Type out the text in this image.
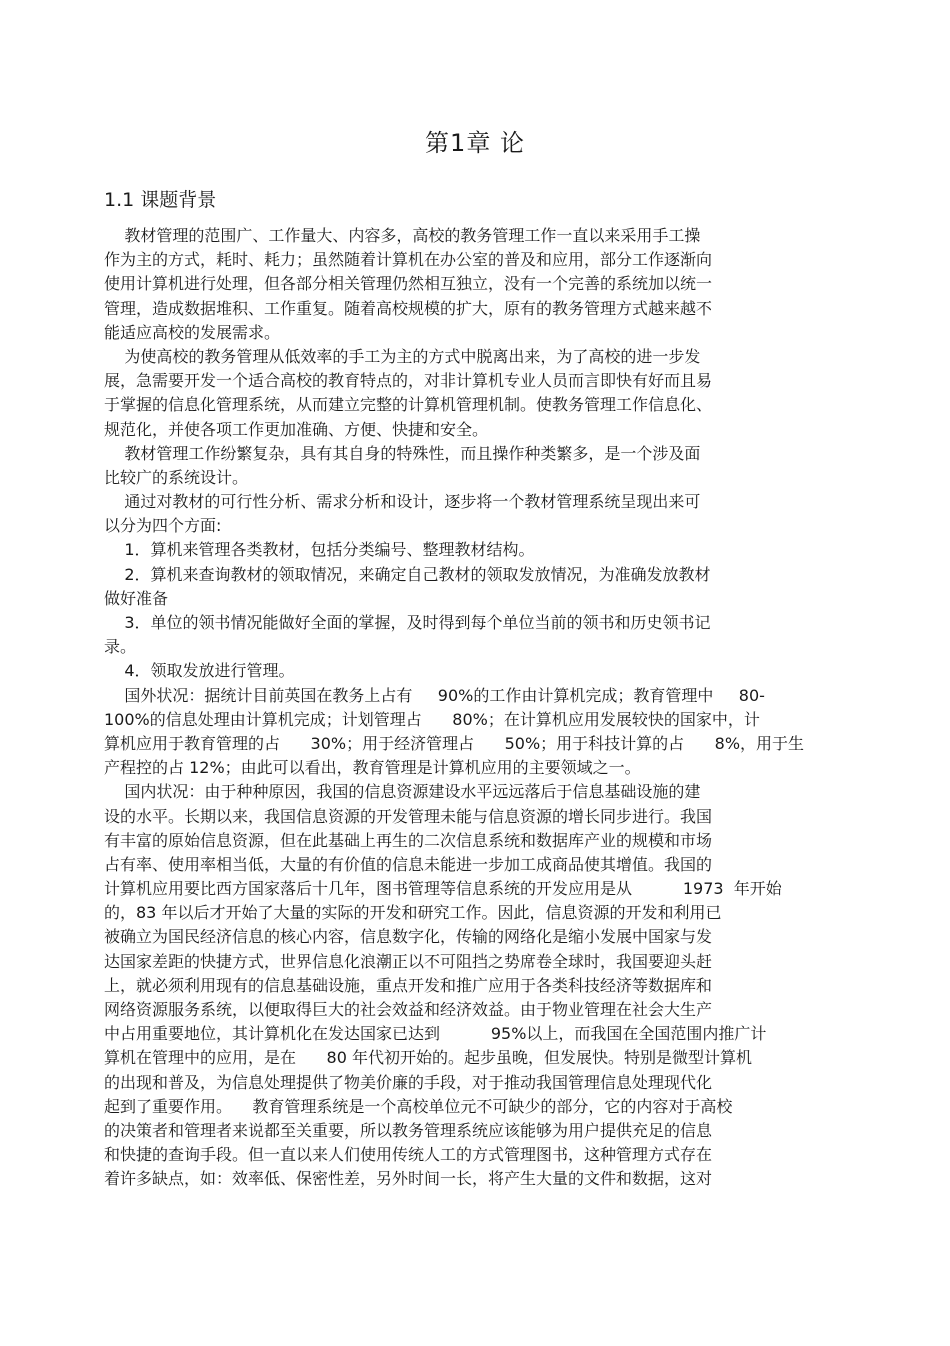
第1章 论
1.1 课题背景
教材管理的范围广、工作量大、内容多，高校的教务管理工作一直以来采用手工操
作为主的方式，耗时、耗力；虽然随着计算机在办公室的普及和应用，部分工作逐渐向
使用计算机进行处理，但各部分相关管理仍然相互独立，没有一个完善的系统加以统一
管理，造成数据堆积、工作重复。随着高校规模的扩大，原有的教务管理方式越来越不
能适应高校的发展需求。
为使高校的教务管理从低效率的手工为主的方式中脱离出来，为了高校的进一步发
展，急需要开发一个适合高校的教育特点的，对非计算机专业人员而言即快有好而且易
于掌握的信息化管理系统，从而建立完整的计算机管理机制。使教务管理工作信息化、
规范化，并使各项工作更加准确、方便、快捷和安全。
教材管理工作纷繁复杂，具有其自身的特殊性，而且操作种类繁多，是一个涉及面
比较广的系统设计。
通过对教材的可行性分析、需求分析和设计，逐步将一个教材管理系统呈现出来可
以分为四个方面:
1．算机来管理各类教材，包括分类编号、整理教材结构。
2．算机来查询教材的领取情况，来确定自己教材的领取发放情况，为准确发放教材
做好准备
3．单位的领书情况能做好全面的掌握，及时得到每个单位当前的领书和历史领书记
录。
4．领取发放进行管理。
国外状况：据统计目前英国在教务上占有     90%的工作由计算机完成；教育管理中     80-
100%的信息处理由计算机完成；计划管理占      80%；在计算机应用发展较快的国家中，计
算机应用于教育管理的占      30%；用于经济管理占      50%；用于科技计算的占      8%，用于生
产程控的占 12%；由此可以看出，教育管理是计算机应用的主要领域之一。
国内状况：由于种种原因，我国的信息资源建设水平远远落后于信息基础设施的建
设的水平。长期以来，我国信息资源的开发管理未能与信息资源的增长同步进行。我国
有丰富的原始信息资源，但在此基础上再生的二次信息系统和数据库产业的规模和市场
占有率、使用率相当低，大量的有价值的信息未能进一步加工成商品使其增值。我国的
计算机应用要比西方国家落后十几年，图书管理等信息系统的开发应用是从          1973  年开始
的，83 年以后才开始了大量的实际的开发和研究工作。因此，信息资源的开发和利用已
被确立为国民经济信息的核心内容，信息数字化，传输的网络化是缩小发展中国家与发
达国家差距的快捷方式，世界信息化浪潮正以不可阻挡之势席卷全球时，我国要迎头赶
上，就必须利用现有的信息基础设施，重点开发和推广应用于各类科技经济等数据库和
网络资源服务系统，以便取得巨大的社会效益和经济效益。由于物业管理在社会大生产
中占用重要地位，其计算机化在发达国家已达到          95%以上，而我国在全国范围内推广计
算机在管理中的应用，是在      80 年代初开始的。起步虽晚，但发展快。特别是微型计算机
的出现和普及，为信息处理提供了物美价廉的手段，对于推动我国管理信息处理现代化
起到了重要作用。    教育管理系统是一个高校单位元不可缺少的部分，它的内容对于高校
的决策者和管理者来说都至关重要，所以教务管理系统应该能够为用户提供充足的信息
和快捷的查询手段。但一直以来人们使用传统人工的方式管理图书，这种管理方式存在
着许多缺点，如：效率低、保密性差，另外时间一长，将产生大量的文件和数据，这对
